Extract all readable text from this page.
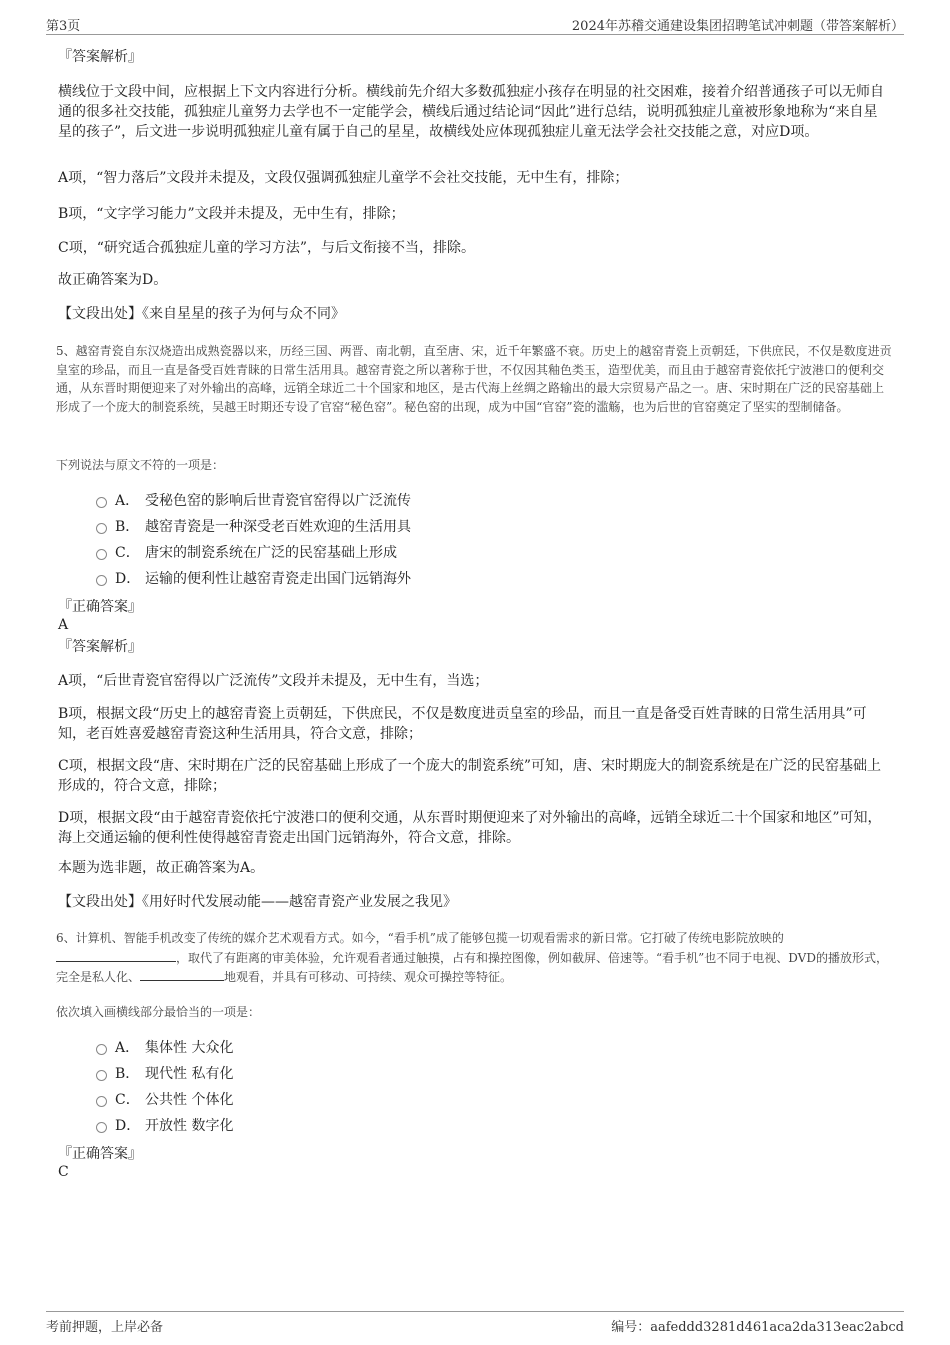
第3页	2024年苏稽交通建设集团招聘笔试冲刺题（带答案解析）
『答案解析』
横线位于文段中间，应根据上下文内容进行分析。横线前先介绍大多数孤独症小孩存在明显的社交困难，接着介绍普通孩子可以无师自通的很多社交技能，孤独症儿童努力去学也不一定能学会，横线后通过结论词“因此”进行总结，说明孤独症儿童被形象地称为“来自星星的孩子”，后文进一步说明孤独症儿童有属于自己的星星，故横线处应体现孤独症儿童无法学会社交技能之意，对应D项。
A项，“智力落后”文段并未提及，文段仅强调孤独症儿童学不会社交技能，无中生有，排除；
B项，“文字学习能力”文段并未提及，无中生有，排除；
C项，“研究适合孤独症儿童的学习方法”，与后文衔接不当，排除。
故正确答案为D。
【文段出处】《来自星星的孩子为何与众不同》
5、越窑青瓷自东汉烧造出成熟瓷器以来，历经三国、两晋、南北朝，直至唐、宋，近千年繁盛不衰。历史上的越窑青瓷上贡朝廷，下供庶民，不仅是数度进贡皇室的珍品，而且一直是备受百姓青睐的日常生活用具。越窑青瓷之所以著称于世，不仅因其釉色类玉，造型优美，而且由于越窑青瓷依托宁波港口的便利交通，从东晋时期便迎来了对外输出的高峰，远销全球近二十个国家和地区，是古代海上丝绸之路输出的最大宗贸易产品之一。唐、宋时期在广泛的民窑基础上形成了一个庞大的制瓷系统，吴越王时期还专设了官窑“秘色窑”。秘色窑的出现，成为中国“官窑”瓷的滥觞，也为后世的官窑奠定了坚实的型制储备。
下列说法与原文不符的一项是：
A． 受秘色窑的影响后世青瓷官窑得以广泛流传
B． 越窑青瓷是一种深受老百姓欢迎的生活用具
C． 唐宋的制瓷系统在广泛的民窑基础上形成
D． 运输的便利性让越窑青瓷走出国门远销海外
『正确答案』
A
『答案解析』
A项，“后世青瓷官窑得以广泛流传”文段并未提及，无中生有，当选；
B项，根据文段“历史上的越窑青瓷上贡朝廷，下供庶民，不仅是数度进贡皇室的珍品，而且一直是备受百姓青睐的日常生活用具”可知，老百姓喜爱越窑青瓷这种生活用具，符合文意，排除；
C项，根据文段“唐、宋时期在广泛的民窑基础上形成了一个庞大的制瓷系统”可知，唐、宋时期庞大的制瓷系统是在广泛的民窑基础上形成的，符合文意，排除；
D项，根据文段“由于越窑青瓷依托宁波港口的便利交通，从东晋时期便迎来了对外输出的高峰，远销全球近二十个国家和地区”可知，海上交通运输的便利性使得越窑青瓷走出国门远销海外，符合文意，排除。
本题为选非题，故正确答案为A。
【文段出处】《用好时代发展动能——越窑青瓷产业发展之我见》
6、计算机、智能手机改变了传统的媒介艺术观看方式。如今，“看手机”成了能够包揽一切观看需求的新日常。它打破了传统电影院放映的
，取代了有距离的审美体验，允许观看者通过触摸，占有和操控图像，例如截屏、倍速等。“看手机”也不同于电视、DVD的播放形式，完全是私人化、	地观看，并具有可移动、可持续、观众可操控等特征。
依次填入画横线部分最恰当的一项是：
A． 集体性 大众化
B． 现代性 私有化
C． 公共性 个体化
D． 开放性 数字化
『正确答案』
C
考前押题，上岸必备	编号：aafeddd3281d461aca2da313eac2abcd
